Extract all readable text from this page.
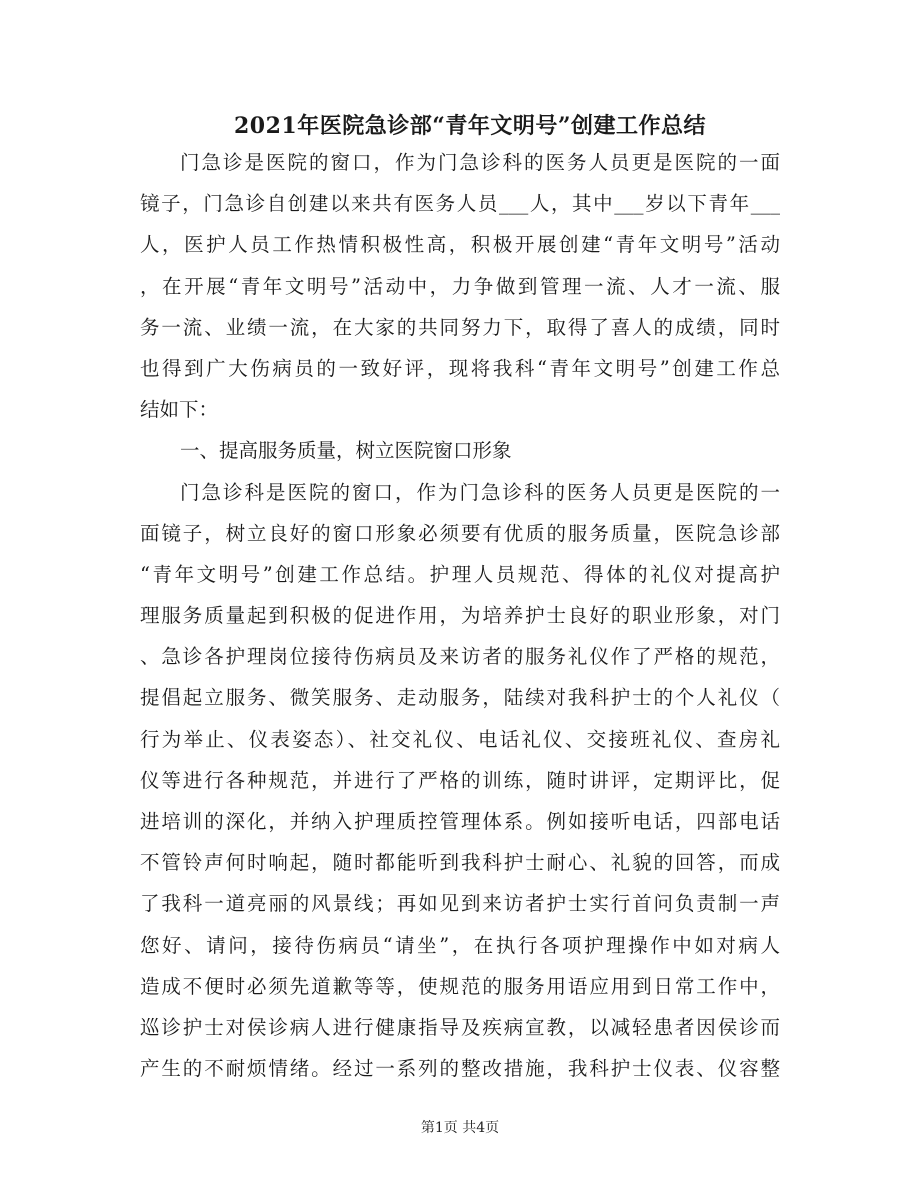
2021年医院急诊部“青年文明号”创建工作总结
门急诊是医院的窗口，作为门急诊科的医务人员更是医院的一面
镜子，门急诊自创建以来共有医务人员___人，其中___岁以下青年___
人，医护人员工作热情积极性高，积极开展创建“青年文明号”活动
，在开展“青年文明号”活动中，力争做到管理一流、人才一流、服
务一流、业绩一流，在大家的共同努力下，取得了喜人的成绩，同时
也得到广大伤病员的一致好评，现将我科“青年文明号”创建工作总
结如下：
一、提高服务质量，树立医院窗口形象
门急诊科是医院的窗口，作为门急诊科的医务人员更是医院的一
面镜子，树立良好的窗口形象必须要有优质的服务质量，医院急诊部
“青年文明号”创建工作总结。护理人员规范、得体的礼仪对提高护
理服务质量起到积极的促进作用，为培养护士良好的职业形象，对门
、急诊各护理岗位接待伤病员及来访者的服务礼仪作了严格的规范，
提倡起立服务、微笑服务、走动服务，陆续对我科护士的个人礼仪（
行为举止、仪表姿态）、社交礼仪、电话礼仪、交接班礼仪、查房礼
仪等进行各种规范，并进行了严格的训练，随时讲评，定期评比，促
进培训的深化，并纳入护理质控管理体系。例如接听电话，四部电话
不管铃声何时响起，随时都能听到我科护士耐心、礼貌的回答，而成
了我科一道亮丽的风景线；再如见到来访者护士实行首问负责制一声
您好、请问，接待伤病员“请坐”，在执行各项护理操作中如对病人
造成不便时必须先道歉等等，使规范的服务用语应用到日常工作中，
巡诊护士对侯诊病人进行健康指导及疾病宣教，以减轻患者因侯诊而
产生的不耐烦情绪。经过一系列的整改措施，我科护士仪表、仪容整
第1页 共4页
